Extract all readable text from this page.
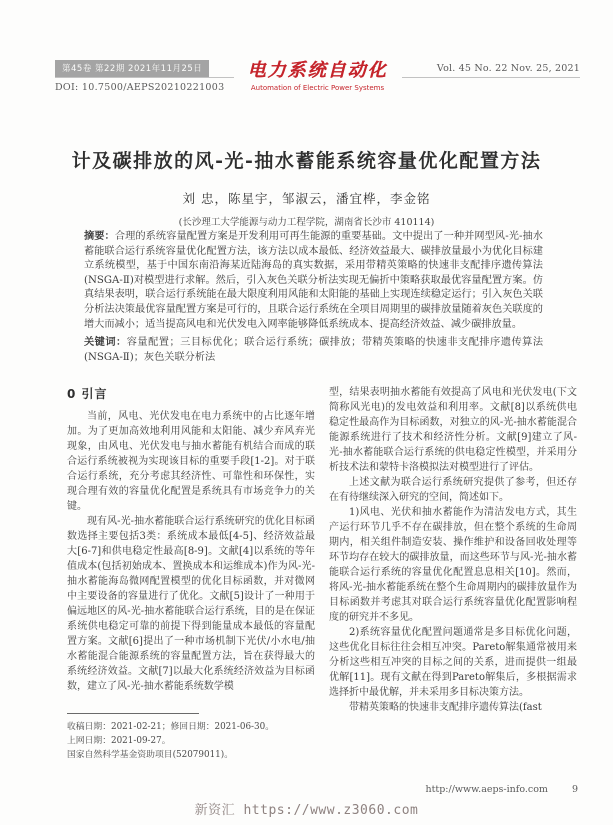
第45卷 第22期 2021年11月25日
DOI: 10.7500/AEPS20210221003
电力系统自动化
Automation of Electric Power Systems
Vol. 45 No. 22 Nov. 25, 2021
计及碳排放的风-光-抽水蓄能系统容量优化配置方法
刘 忠，陈星宇，邹淑云，潘宜桦，李金铭
(长沙理工大学能源与动力工程学院，湖南省长沙市 410114)

摘要：合理的系统容量配置方案是开发利用可再生能源的重要基础。文中提出了一种并网型风-光-抽水蓄能联合运行系统容量优化配置方法，该方法以成本最低、经济效益最大、碳排放量最小为优化目标建立系统模型，基于中国东南沿海某近陆海岛的真实数据，采用带精英策略的快速非支配排序遗传算法(NSGA-Ⅱ)对模型进行求解。然后，引入灰色关联分析法实现无偏折中策略获取最优容量配置方案。仿真结果表明，联合运行系统能在最大限度利用风能和太阳能的基础上实现连续稳定运行；引入灰色关联分析法决策最优容量配置方案是可行的，且联合运行系统在全项目周期里的碳排放量随着灰色关联度的增大而减小；适当提高风电和光伏发电入网率能够降低系统成本、提高经济效益、减少碳排放量。

关键词：容量配置；三目标优化；联合运行系统；碳排放；带精英策略的快速非支配排序遗传算法(NSGA-Ⅱ)；灰色关联分析法

0 引言

当前，风电、光伏发电在电力系统中的占比逐年增加。为了更加高效地利用风能和太阳能、减少弃风弃光现象，由风电、光伏发电与抽水蓄能有机结合而成的联合运行系统被视为实现该目标的重要手段[1-2]。对于联合运行系统，充分考虑其经济性、可靠性和环保性，实现合理有效的容量优化配置是系统具有市场竞争力的关键。

现有风-光-抽水蓄能联合运行系统研究的优化目标函数选择主要包括3类：系统成本最低[4-5]、经济效益最大[6-7]和供电稳定性最高[8-9]。文献[4]以系统的等年值成本(包括初始成本、置换成本和运维成本)作为风-光-抽水蓄能海岛微网配置模型的优化目标函数，并对微网中主要设备的容量进行了优化。文献[5]设计了一种用于偏远地区的风-光-抽水蓄能联合运行系统，目的是在保证系统供电稳定可靠的前提下得到能量成本最低的容量配置方案。文献[6]提出了一种市场机制下光伏/小水电/抽水蓄能混合能源系统的容量配置方法，旨在获得最大的系统经济效益。文献[7]以最大化系统经济效益为目标函数，建立了风-光-抽水蓄能系统数学模

型，结果表明抽水蓄能有效提高了风电和光伏发电(下文简称风光电)的发电效益和利用率。文献[8]以系统供电稳定性最高作为目标函数，对独立的风-光-抽水蓄能混合能源系统进行了技术和经济性分析。文献[9]建立了风-光-抽水蓄能联合运行系统的供电稳定性模型，并采用分析技术法和蒙特卡洛模拟法对模型进行了评估。

上述文献为联合运行系统研究提供了参考，但还存在有待继续深入研究的空间，简述如下。

1)风电、光伏和抽水蓄能作为清洁发电方式，其生产运行环节几乎不存在碳排放，但在整个系统的生命周期内，相关组件制造安装、操作维护和设备回收处理等环节均存在较大的碳排放量，而这些环节与风-光-抽水蓄能联合运行系统的容量优化配置息息相关[10]。然而，将风-光-抽水蓄能系统在整个生命周期内的碳排放量作为目标函数并考虑其对联合运行系统容量优化配置影响程度的研究并不多见。

2)系统容量优化配置问题通常是多目标优化问题，这些优化目标往往会相互冲突。Pareto解集通常被用来分析这些相互冲突的目标之间的关系，进而提供一组最优解[11]。现有文献在得到Pareto解集后，多根据需求选择折中最优解，并未采用多目标决策方法。

带精英策略的快速非支配排序遗传算法(fast

收稿日期：2021-02-21；修回日期：2021-06-30。

上网日期：2021-09-27。

国家自然科学基金资助项目(52079011)。

http://www.aeps-info.com	9
新资汇 https://www.z3060.com
